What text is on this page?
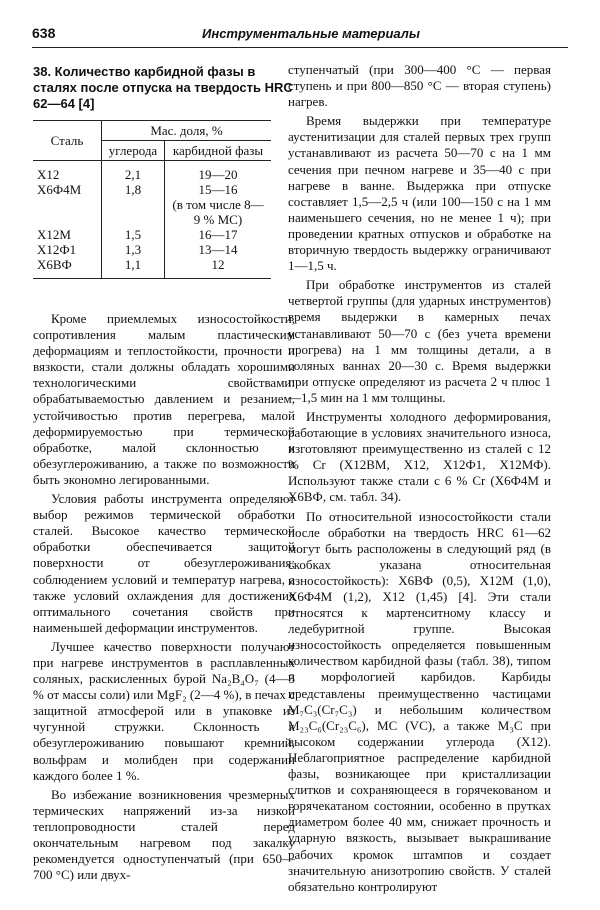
638	Инструментальные материалы
38. Количество карбидной фазы в сталях после отпуска на твердость HRC 62—64 [4]
Сталь	Мас. доля, %	
	углерода	карбидной фазы

Х12	2,1	19—20
Х6Ф4М	1,8	15—16
(в том числе 8—
9 % МС)

Х12М	1,5	16—17
Х12Ф1	1,3	13—14
Х6ВФ	1,1	12

Кроме приемлемых износостойкости, сопротивления малым пластическим деформациям и теплостойкости, прочности и вязкости, стали должны обладать хорошими технологическими свойствами: обрабатываемостью давлением и резанием, устойчивостью против перегрева, малой деформируемостью при термической обработке, малой склонностью к обезуглероживанию, а также по возможности быть экономно легированными.

Условия работы инструмента определяют выбор режимов термической обработки сталей. Высокое качество термической обработки обеспечивается защитой поверхности от обезуглероживания; соблюдением условий и температур нагрева, а также условий охлаждения для достижения оптимального сочетания свойств при наименьшей деформации инструментов.

Лучшее качество поверхности получают при нагреве инструментов в расплавленных соляных, раскисленных бурой Na₂B₄O₇ (4—5 % от массы соли) или MgF₂ (2—4 %), в печах с защитной атмосферой или в упаковке из чугунной стружки. Склонность к обезуглероживанию повышают кремний, вольфрам и молибден при содержании каждого более 1 %.

Во избежание возникновения чрезмерных термических напряжений из-за низкой теплопроводности сталей перед окончательным нагревом под закалку рекомендуется одноступенчатый (при 650—700 °С) или двух-

ступенчатый (при 300—400 °С — первая ступень и при 800—850 °С — вторая ступень) нагрев.

Время выдержки при температуре аустенитизации для сталей первых трех групп устанавливают из расчета 50—70 с на 1 мм сечения при печном нагреве и 35—40 с при нагреве в ванне. Выдержка при отпуске составляет 1,5—2,5 ч (или 100—150 с на 1 мм наименьшего сечения, но не менее 1 ч); при проведении кратных отпусков и обработке на вторичную твердость выдержку ограничивают 1—1,5 ч.

При обработке инструментов из сталей четвертой группы (для ударных инструментов) время выдержки в камерных печах устанавливают 50—70 с (без учета времени прогрева) на 1 мм толщины детали, а в соляных ваннах 20—30 с. Время выдержки при отпуске определяют из расчета 2 ч плюс 1—1,5 мин на 1 мм толщины.

Инструменты холодного деформирования, работающие в условиях значительного износа, изготовляют преимущественно из сталей с 12 % Cr (Х12ВМ, Х12, Х12Ф1, Х12МФ). Используют также стали с 6 % Cr (Х6Ф4М и Х6ВФ, см. табл. 34).

По относительной износостойкости стали после обработки на твердость HRC 61—62 могут быть расположены в следующий ряд (в скобках указана относительная износостойкость): Х6ВФ (0,5), Х12М (1,0), Х6Ф4М (1,2), Х12 (1,45) [4]. Эти стали относятся к мартенситному классу и ледебуритной группе. Высокая износостойкость определяется повышенным количеством карбидной фазы (табл. 38), типом и морфологией карбидов. Карбиды представлены преимущественно частицами M₇C₃(Cr₇C₃) и небольшим количеством M₂₃C₆(Cr₂₃C₆), МС (VC), а также M₃C при высоком содержании углерода (Х12). Неблагоприятное распределение карбидной фазы, возникающее при кристаллизации слитков и сохраняющееся в горячекованом и горячекатаном состоянии, особенно в прутках диаметром более 40 мм, снижает прочность и ударную вязкость, вызывает выкрашивание рабочих кромок штампов и создает значительную анизотропию свойств. У сталей обязательно контролируют
